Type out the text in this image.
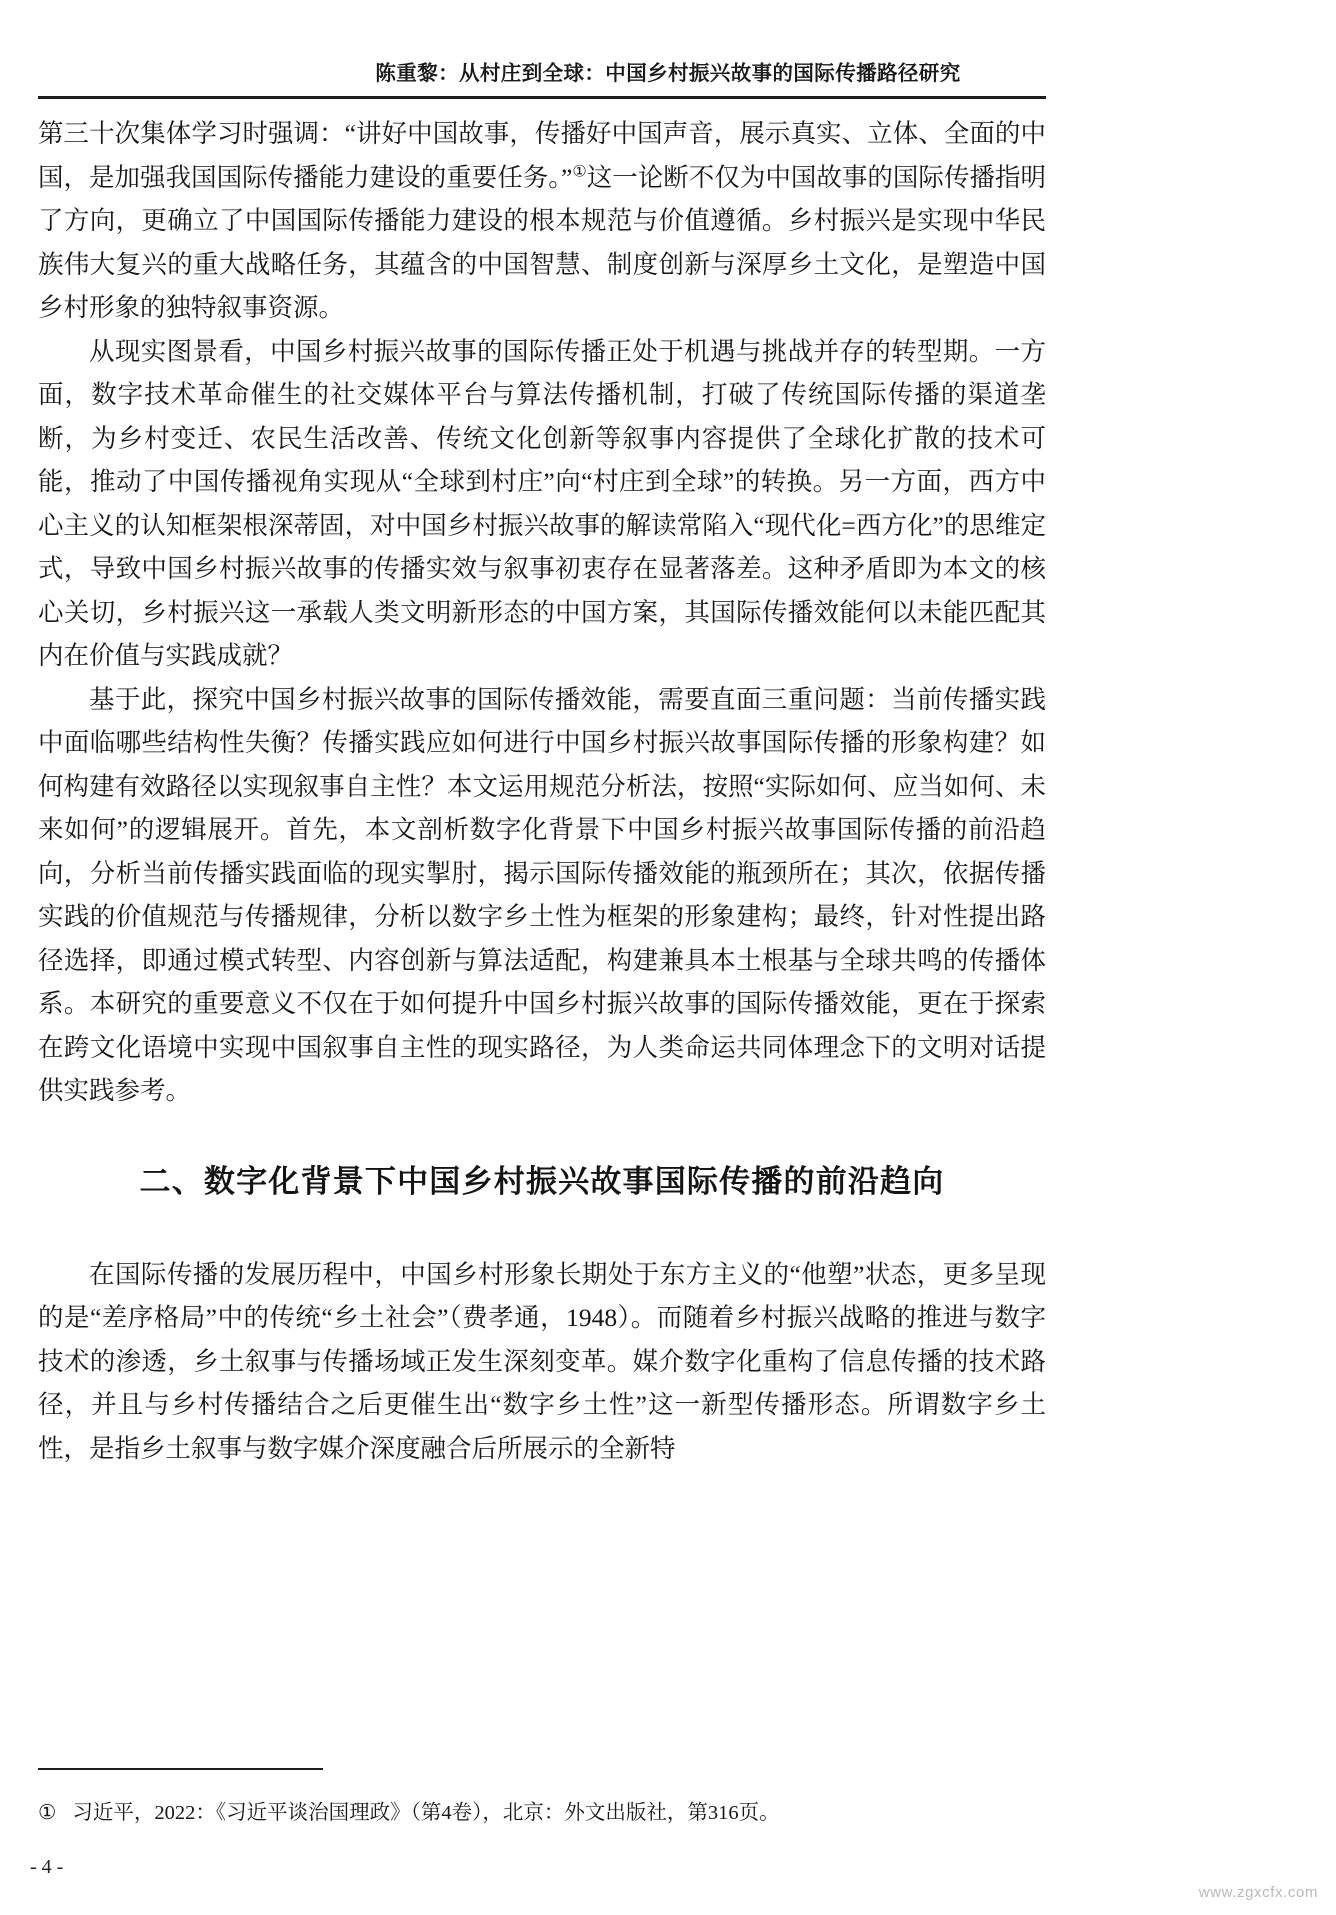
陈重黎：从村庄到全球：中国乡村振兴故事的国际传播路径研究

第三十次集体学习时强调：“讲好中国故事，传播好中国声音，展示真实、立体、全面的中国，是加强我国国际传播能力建设的重要任务。”①这一论断不仅为中国故事的国际传播指明了方向，更确立了中国国际传播能力建设的根本规范与价值遵循。乡村振兴是实现中华民族伟大复兴的重大战略任务，其蕴含的中国智慧、制度创新与深厚乡土文化，是塑造中国乡村形象的独特叙事资源。

从现实图景看，中国乡村振兴故事的国际传播正处于机遇与挑战并存的转型期。一方面，数字技术革命催生的社交媒体平台与算法传播机制，打破了传统国际传播的渠道垄断，为乡村变迁、农民生活改善、传统文化创新等叙事内容提供了全球化扩散的技术可能，推动了中国传播视角实现从“全球到村庄”向“村庄到全球”的转换。另一方面，西方中心主义的认知框架根深蒂固，对中国乡村振兴故事的解读常陷入“现代化=西方化”的思维定式，导致中国乡村振兴故事的传播实效与叙事初衷存在显著落差。这种矛盾即为本文的核心关切，乡村振兴这一承载人类文明新形态的中国方案，其国际传播效能何以未能匹配其内在价值与实践成就？

基于此，探究中国乡村振兴故事的国际传播效能，需要直面三重问题：当前传播实践中面临哪些结构性失衡？传播实践应如何进行中国乡村振兴故事国际传播的形象构建？如何构建有效路径以实现叙事自主性？本文运用规范分析法，按照“实际如何、应当如何、未来如何”的逻辑展开。首先，本文剖析数字化背景下中国乡村振兴故事国际传播的前沿趋向，分析当前传播实践面临的现实掣肘，揭示国际传播效能的瓶颈所在；其次，依据传播实践的价值规范与传播规律，分析以数字乡土性为框架的形象建构；最终，针对性提出路径选择，即通过模式转型、内容创新与算法适配，构建兼具本土根基与全球共鸣的传播体系。本研究的重要意义不仅在于如何提升中国乡村振兴故事的国际传播效能，更在于探索在跨文化语境中实现中国叙事自主性的现实路径，为人类命运共同体理念下的文明对话提供实践参考。

二、数字化背景下中国乡村振兴故事国际传播的前沿趋向

在国际传播的发展历程中，中国乡村形象长期处于东方主义的“他塑”状态，更多呈现的是“差序格局”中的传统“乡土社会”（费孝通，1948）。而随着乡村振兴战略的推进与数字技术的渗透，乡土叙事与传播场域正发生深刻变革。媒介数字化重构了信息传播的技术路径，并且与乡村传播结合之后更催生出“数字乡土性”这一新型传播形态。所谓数字乡土性，是指乡土叙事与数字媒介深度融合后所展示的全新特

① 习近平，2022：《习近平谈治国理政》（第4卷），北京：外文出版社，第316页。
- 4 -
www.zgxcfx.com
